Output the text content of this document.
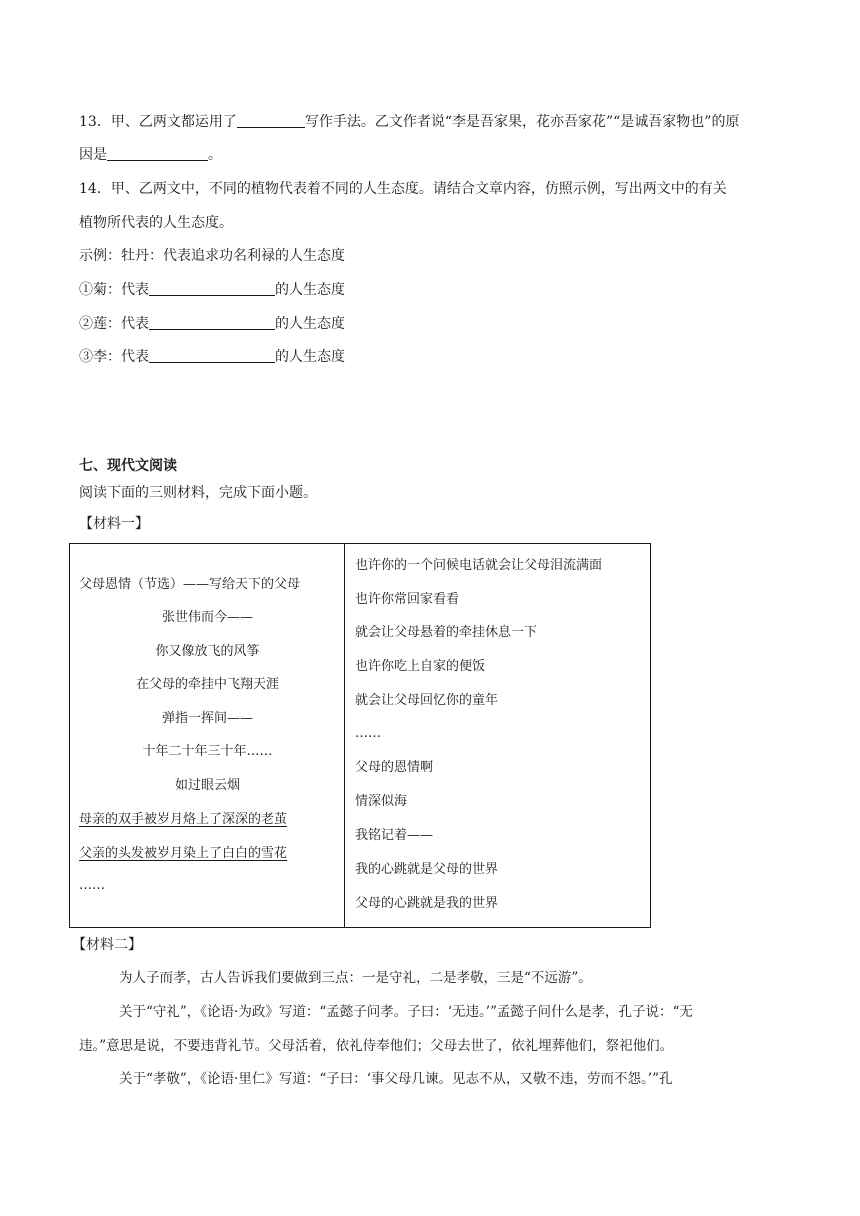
13．甲、乙两文都运用了	写作手法。乙文作者说“李是吾家果，花亦吾家花”“是诚吾家物也”的原
因是	。
14．甲、乙两文中，不同的植物代表着不同的人生态度。请结合文章内容，仿照示例，写出两文中的有关
植物所代表的人生态度。
示例：牡丹：代表追求功名利禄的人生态度
①菊：代表	的人生态度
②莲：代表	的人生态度
③李：代表	的人生态度
七、现代文阅读
阅读下面的三则材料，完成下面小题。
【材料一】
父母恩情（节选）——写给天下的父母
张世伟而今——
你又像放飞的风筝
在父母的牵挂中飞翔天涯
弹指一挥间——
十年二十年三十年……
如过眼云烟
母亲的双手被岁月烙上了深深的老茧
父亲的头发被岁月染上了白白的雪花
……

也许你的一个问候电话就会让父母泪流满面
也许你常回家看看
就会让父母悬着的牵挂休息一下
也许你吃上自家的便饭
就会让父母回忆你的童年
……
父母的恩情啊
情深似海
我铭记着——
我的心跳就是父母的世界
父母的心跳就是我的世界
【材料二】
为人子而孝，古人告诉我们要做到三点：一是守礼，二是孝敬，三是“不远游”。
关于“守礼”，《论语·为政》写道：“孟懿子问孝。子曰：‘无违。’”孟懿子问什么是孝，孔子说：“无
违。”意思是说，不要违背礼节。父母活着，依礼侍奉他们；父母去世了，依礼埋葬他们，祭祀他们。
关于“孝敬”，《论语·里仁》写道：“子曰：‘事父母几谏。见志不从，又敬不违，劳而不怨。’”孔
